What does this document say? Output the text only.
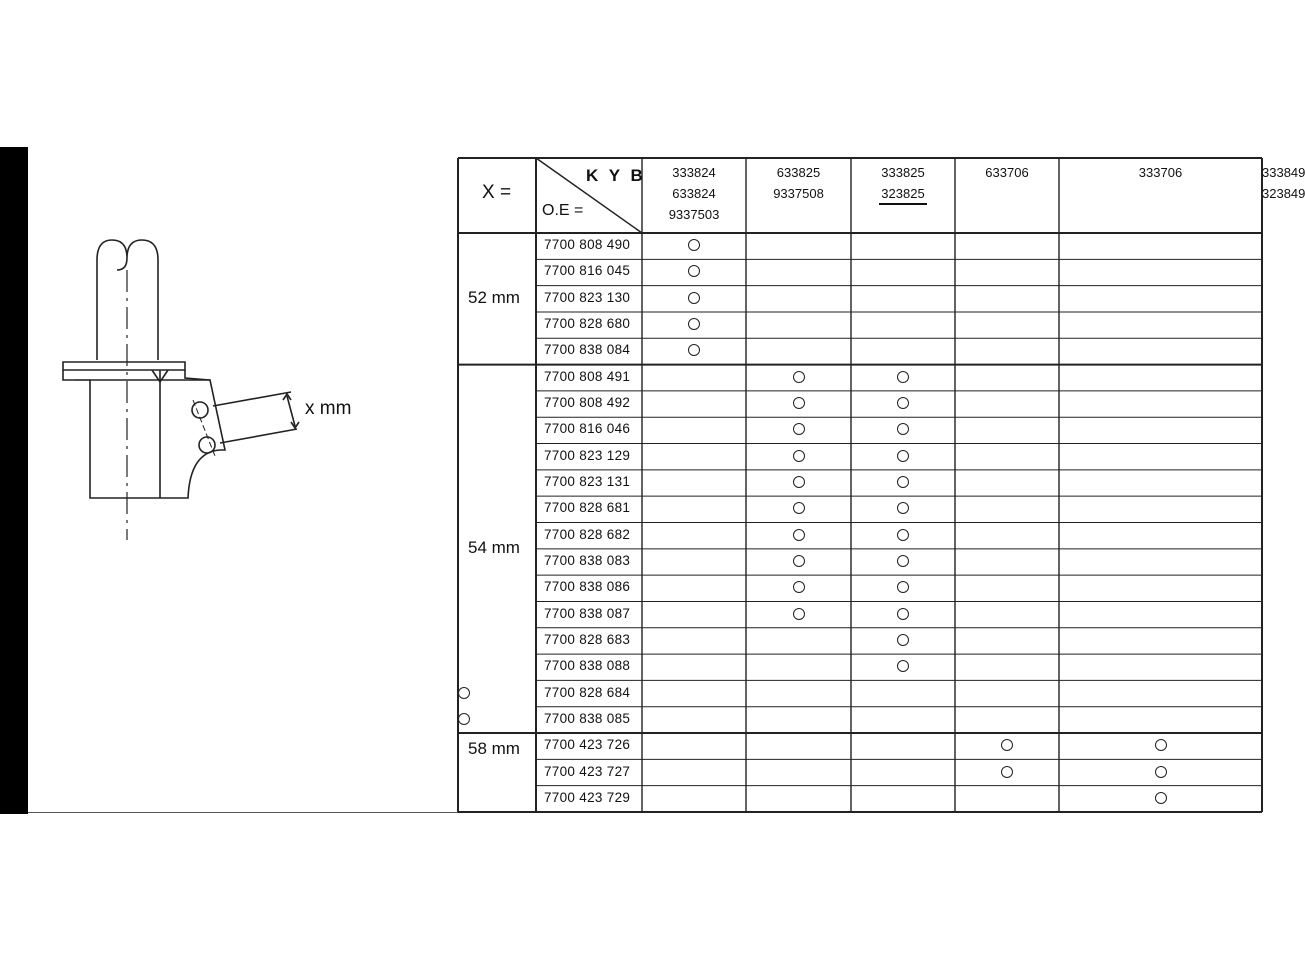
x mm
X =
K Y B
O.E =
333824
633824
9337503
633825
9337508
333825
323825
633706	333706	333849
323849
52 mm
7700 808 490
7700 816 045
7700 823 130
7700 828 680
7700 838 084
54 mm
7700 808 491
7700 808 492
7700 816 046
7700 823 129
7700 823 131
7700 828 681
7700 828 682
7700 838 083
7700 838 086
7700 838 087
7700 828 683
7700 838 088
7700 828 684
7700 838 085
58 mm 7700 423 726
7700 423 727
7700 423 729
